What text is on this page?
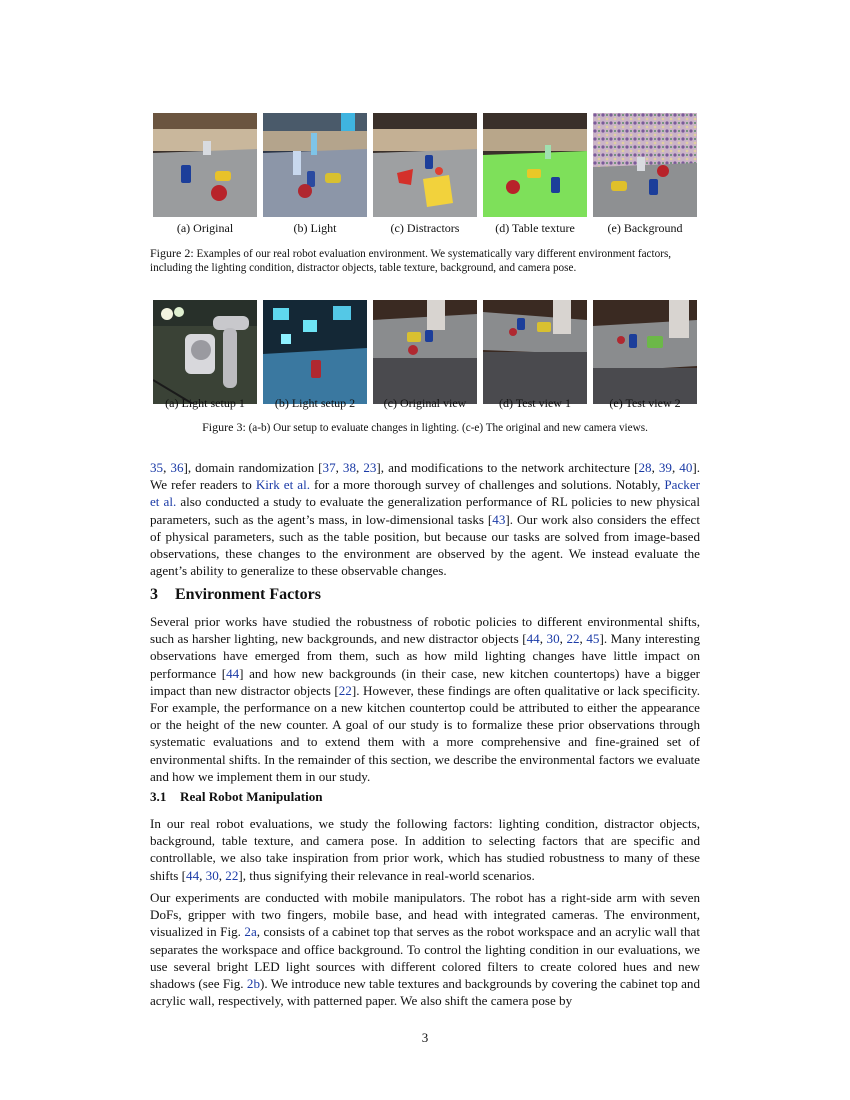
(a) Original	(b) Light	(c) Distractors	(d) Table texture	(e) Background
Figure 2: Examples of our real robot evaluation environment. We systematically vary different environment factors, including the lighting condition, distractor objects, table texture, background, and camera pose.
(a) Light setup 1	(b) Light setup 2	(c) Original view	(d) Test view 1	(e) Test view 2
Figure 3: (a-b) Our setup to evaluate changes in lighting. (c-e) The original and new camera views.

35, 36], domain randomization [37, 38, 23], and modifications to the network architecture [28, 39, 40]. We refer readers to Kirk et al. for a more thorough survey of challenges and solutions. Notably, Packer et al. also conducted a study to evaluate the generalization performance of RL policies to new physical parameters, such as the agent’s mass, in low-dimensional tasks [43]. Our work also considers the effect of physical parameters, such as the table position, but because our tasks are solved from image-based observations, these changes to the environment are observed by the agent. We instead evaluate the agent’s ability to generalize to these observable changes.

3 Environment Factors

Several prior works have studied the robustness of robotic policies to different environmental shifts, such as harsher lighting, new backgrounds, and new distractor objects [44, 30, 22, 45]. Many interesting observations have emerged from them, such as how mild lighting changes have little impact on performance [44] and how new backgrounds (in their case, new kitchen countertops) have a bigger impact than new distractor objects [22]. However, these findings are often qualitative or lack specificity. For example, the performance on a new kitchen countertop could be attributed to either the appearance or the height of the new counter. A goal of our study is to formalize these prior observations through systematic evaluations and to extend them with a more comprehensive and fine-grained set of environmental shifts. In the remainder of this section, we describe the environmental factors we evaluate and how we implement them in our study.

3.1 Real Robot Manipulation

In our real robot evaluations, we study the following factors: lighting condition, distractor objects, background, table texture, and camera pose. In addition to selecting factors that are specific and controllable, we also take inspiration from prior work, which has studied robustness to many of these shifts [44, 30, 22], thus signifying their relevance in real-world scenarios.

Our experiments are conducted with mobile manipulators. The robot has a right-side arm with seven DoFs, gripper with two fingers, mobile base, and head with integrated cameras. The environment, visualized in Fig. 2a, consists of a cabinet top that serves as the robot workspace and an acrylic wall that separates the workspace and office background. To control the lighting condition in our evaluations, we use several bright LED light sources with different colored filters to create colored hues and new shadows (see Fig. 2b). We introduce new table textures and backgrounds by covering the cabinet top and acrylic wall, respectively, with patterned paper. We also shift the camera pose by

3
